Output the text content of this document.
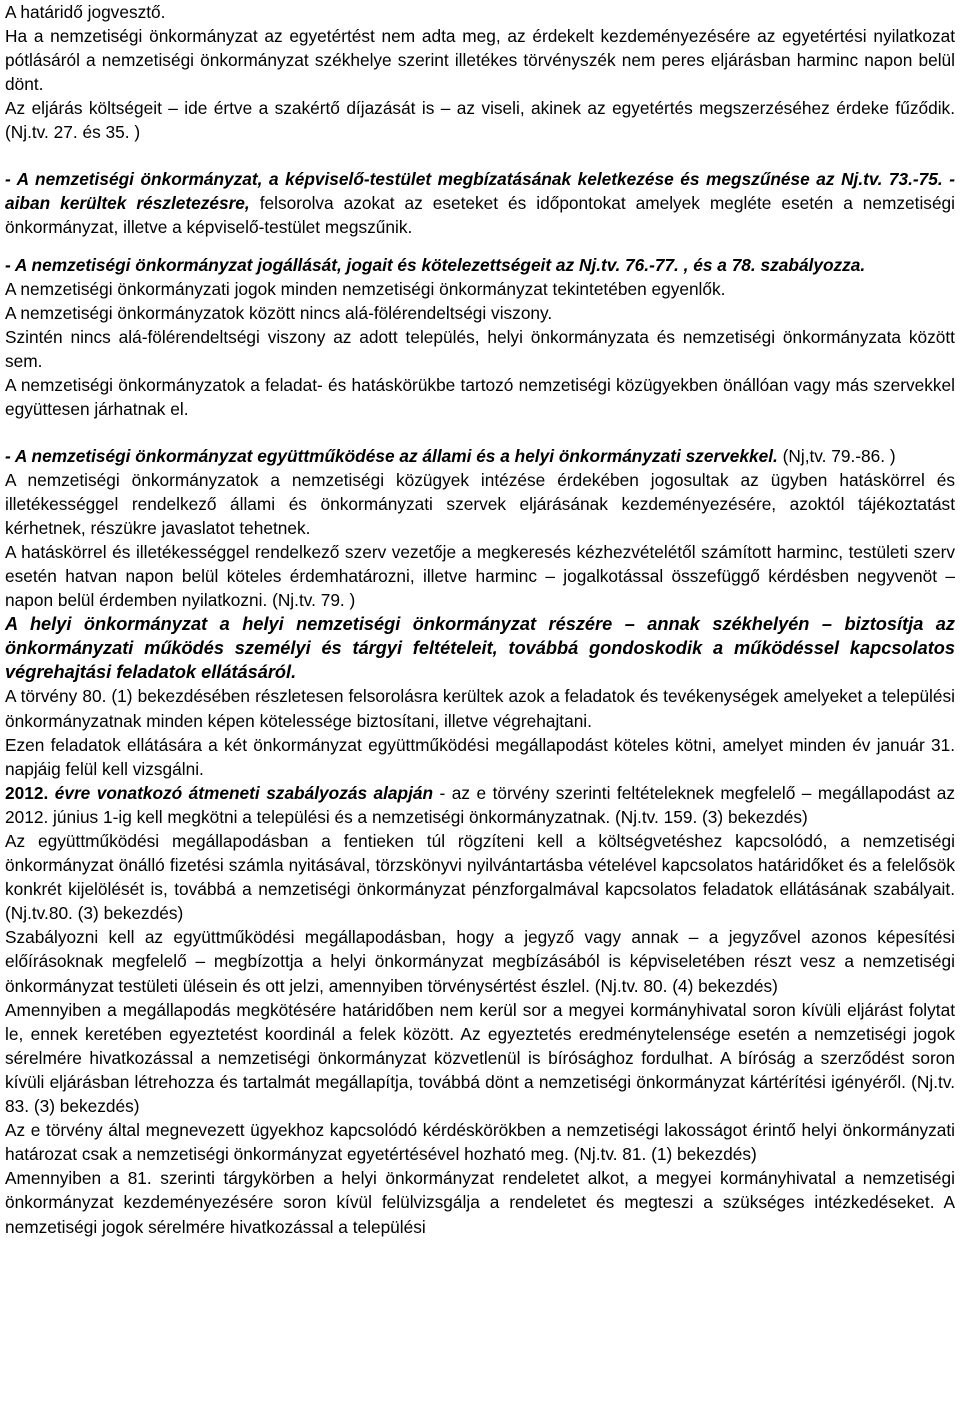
A határidő jogvesztő.

Ha a nemzetiségi önkormányzat az egyetértést nem adta meg, az érdekelt kezdeményezésére az egyetértési nyilatkozat pótlásáról a nemzetiségi önkormányzat székhelye szerint illetékes törvényszék nem peres eljárásban harminc napon belül dönt.

Az eljárás költségeit – ide értve a szakértő díjazását is – az viseli, akinek az egyetértés megszerzéséhez érdeke fűződik. (Nj.tv. 27. és 35. )

- A nemzetiségi önkormányzat, a képviselő-testület megbízatásának keletkezése és megszűnése az Nj.tv. 73.-75. -aiban kerültek részletezésre, felsorolva azokat az eseteket és időpontokat amelyek megléte esetén a nemzetiségi önkormányzat, illetve a képviselő-testület megszűnik.

- A nemzetiségi önkormányzat jogállását, jogait és kötelezettségeit az Nj.tv. 76.-77. , és a 78. szabályozza.

A nemzetiségi önkormányzati jogok minden nemzetiségi önkormányzat tekintetében egyenlők.

A nemzetiségi önkormányzatok között nincs alá-fölérendeltségi viszony.

Szintén nincs alá-fölérendeltségi viszony az adott település, helyi önkormányzata és nemzetiségi önkormányzata között sem.

A nemzetiségi önkormányzatok a feladat- és hatáskörükbe tartozó nemzetiségi közügyekben önállóan vagy más szervekkel együttesen járhatnak el.

- A nemzetiségi önkormányzat együttműködése az állami és a helyi önkormányzati szervekkel. (Nj,tv. 79.-86. )

A nemzetiségi önkormányzatok a nemzetiségi közügyek intézése érdekében jogosultak az ügyben hatáskörrel és illetékességgel rendelkező állami és önkormányzati szervek eljárásának kezdeményezésére, azoktól tájékoztatást kérhetnek, részükre javaslatot tehetnek.

A hatáskörrel és illetékességgel rendelkező szerv vezetője a megkeresés kézhezvételétől számított harminc, testületi szerv esetén hatvan napon belül köteles érdemhatározni, illetve harminc – jogalkotással összefüggő kérdésben negyvenöt – napon belül érdemben nyilatkozni. (Nj.tv. 79. )

A helyi önkormányzat a helyi nemzetiségi önkormányzat részére – annak székhelyén – biztosítja az önkormányzati működés személyi és tárgyi feltételeit, továbbá gondoskodik a működéssel kapcsolatos végrehajtási feladatok ellátásáról.

A törvény 80. (1) bekezdésében részletesen felsorolásra kerültek azok a feladatok és tevékenységek amelyeket a települési önkormányzatnak minden képen kötelessége biztosítani, illetve végrehajtani.

Ezen feladatok ellátására a két önkormányzat együttműködési megállapodást köteles kötni, amelyet minden év január 31. napjáig felül kell vizsgálni.

2012. évre vonatkozó átmeneti szabályozás alapján - az e törvény szerinti feltételeknek megfelelő – megállapodást az 2012. június 1-ig kell megkötni a települési és a nemzetiségi önkormányzatnak. (Nj.tv. 159. (3) bekezdés)

Az együttműködési megállapodásban a fentieken túl rögzíteni kell a költségvetéshez kapcsolódó, a nemzetiségi önkormányzat önálló fizetési számla nyitásával, törzskönyvi nyilvántartásba vételével kapcsolatos határidőket és a felelősök konkrét kijelölését is, továbbá a nemzetiségi önkormányzat pénzforgalmával kapcsolatos feladatok ellátásának szabályait. (Nj.tv.80. (3) bekezdés)

Szabályozni kell az együttműködési megállapodásban, hogy a jegyző vagy annak – a jegyzővel azonos képesítési előírásoknak megfelelő – megbízottja a helyi önkormányzat megbízásából is képviseletében részt vesz a nemzetiségi önkormányzat testületi ülésein és ott jelzi, amennyiben törvénysértést észlel. (Nj.tv. 80. (4) bekezdés)

Amennyiben a megállapodás megkötésére határidőben nem kerül sor a megyei kormányhivatal soron kívüli eljárást folytat le, ennek keretében egyeztetést koordinál a felek között. Az egyeztetés eredménytelensége esetén a nemzetiségi jogok sérelmére hivatkozással a nemzetiségi önkormányzat közvetlenül is bírósághoz fordulhat. A bíróság a szerződést soron kívüli eljárásban létrehozza és tartalmát megállapítja, továbbá dönt a nemzetiségi önkormányzat kártérítési igényéről. (Nj.tv. 83. (3) bekezdés)

Az e törvény által megnevezett ügyekhoz kapcsolódó kérdéskörökben a nemzetiségi lakosságot érintő helyi önkormányzati határozat csak a nemzetiségi önkormányzat egyetértésével hozható meg. (Nj.tv. 81. (1) bekezdés)

Amennyiben a 81. szerinti tárgykörben a helyi önkormányzat rendeletet alkot, a megyei kormányhivatal a nemzetiségi önkormányzat kezdeményezésére soron kívül felülvizsgálja a rendeletet és megteszi a szükséges intézkedéseket. A nemzetiségi jogok sérelmére hivatkozással a települési
